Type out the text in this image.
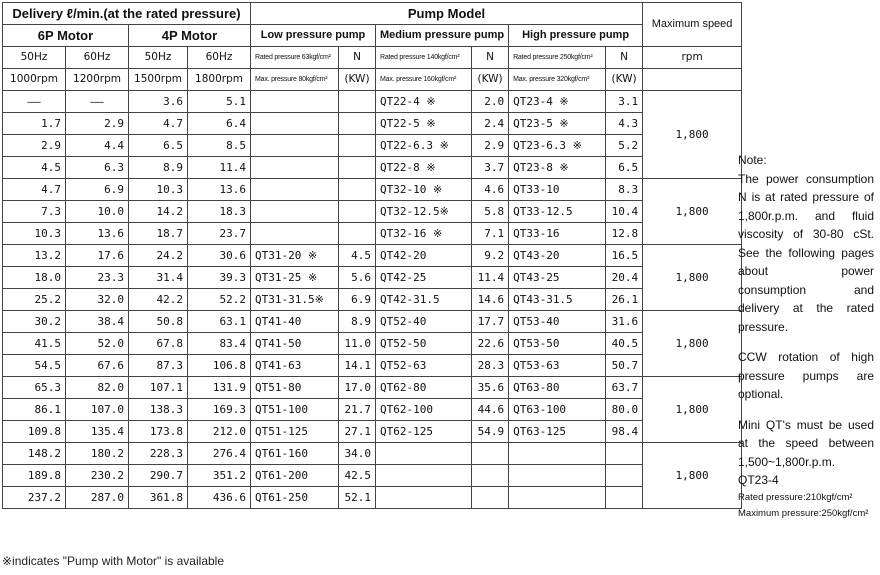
Delivery ℓ/min.(at the rated pressure)				Pump Model						Maximum speed
6P Motor		4P Motor		Low pressure pump		Medium pressure pump		High pressure pump		
50Hz	60Hz	50Hz	60Hz	Rated pressure 63kgf/cm²	N	Rated pressure 140kgf/cm²	N	Rated pressure 250kgf/cm²	N	rpm
1000rpm	1200rpm	1500rpm	1800rpm	Max. pressure 80kgf/cm²	(KW)	Max. pressure 160kgf/cm²	(KW)	Max. pressure 320kgf/cm²	(KW)	
——	——	3.6	5.1			QT22-4 ※	2.0	QT23-4 ※	3.1	1,800
1.7	2.9	4.7	6.4			QT22-5 ※	2.4	QT23-5 ※	4.3	
2.9	4.4	6.5	8.5			QT22-6.3 ※	2.9	QT23-6.3 ※	5.2	
4.5	6.3	8.9	11.4			QT22-8 ※	3.7	QT23-8 ※	6.5	
4.7	6.9	10.3	13.6			QT32-10 ※	4.6	QT33-10	8.3	1,800
7.3	10.0	14.2	18.3			QT32-12.5※	5.8	QT33-12.5	10.4	
10.3	13.6	18.7	23.7			QT32-16 ※	7.1	QT33-16	12.8	
13.2	17.6	24.2	30.6	QT31-20 ※	4.5	QT42-20	9.2	QT43-20	16.5	1,800
18.0	23.3	31.4	39.3	QT31-25 ※	5.6	QT42-25	11.4	QT43-25	20.4	
25.2	32.0	42.2	52.2	QT31-31.5※	6.9	QT42-31.5	14.6	QT43-31.5	26.1	
30.2	38.4	50.8	63.1	QT41-40	8.9	QT52-40	17.7	QT53-40	31.6	1,800
41.5	52.0	67.8	83.4	QT41-50	11.0	QT52-50	22.6	QT53-50	40.5	
54.5	67.6	87.3	106.8	QT41-63	14.1	QT52-63	28.3	QT53-63	50.7	
65.3	82.0	107.1	131.9	QT51-80	17.0	QT62-80	35.6	QT63-80	63.7	1,800
86.1	107.0	138.3	169.3	QT51-100	21.7	QT62-100	44.6	QT63-100	80.0	
109.8	135.4	173.8	212.0	QT51-125	27.1	QT62-125	54.9	QT63-125	98.4	
148.2	180.2	228.3	276.4	QT61-160	34.0					1,800
189.8	230.2	290.7	351.2	QT61-200	42.5					
237.2	287.0	361.8	436.6	QT61-250	52.1					
Note:

The power consumption N is at rated pressure of 1,800r.p.m. and fluid viscosity of 30-80 cSt. See the following pages about power consumption and delivery at the rated pressure.

CCW rotation of high pressure pumps are optional.

Mini QT's must be used at the speed between 1,500~1,800r.p.m.

QT23-4
Rated pressure:210kgf/cm²
Maximum pressure:250kgf/cm²
※indicates "Pump with Motor" is available
